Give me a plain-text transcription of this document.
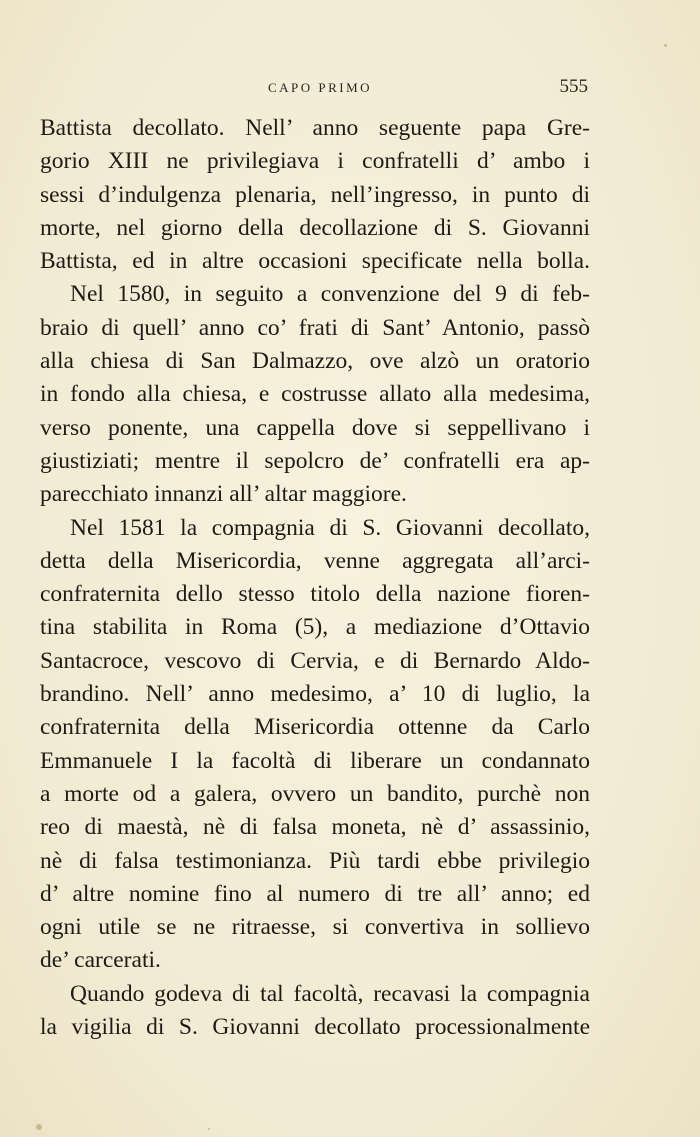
CAPO PRIMO	555
Battista decollato. Nell’ anno seguente papa Gre-
gorio XIII ne privilegiava i confratelli d’ ambo i
sessi d’indulgenza plenaria, nell’ingresso, in punto di
morte, nel giorno della decollazione di S. Giovanni
Battista, ed in altre occasioni specificate nella bolla.
Nel 1580, in seguito a convenzione del 9 di feb-
braio di quell’ anno co’ frati di Sant’ Antonio, passò
alla chiesa di San Dalmazzo, ove alzò un oratorio
in fondo alla chiesa, e costrusse allato alla medesima,
verso ponente, una cappella dove si seppellivano i
giustiziati; mentre il sepolcro de’ confratelli era ap-
parecchiato innanzi all’ altar maggiore.
Nel 1581 la compagnia di S. Giovanni decollato,
detta della Misericordia, venne aggregata all’arci-
confraternita dello stesso titolo della nazione fioren-
tina stabilita in Roma (5), a mediazione d’Ottavio
Santacroce, vescovo di Cervia, e di Bernardo Aldo-
brandino. Nell’ anno medesimo, a’ 10 di luglio, la
confraternita della Misericordia ottenne da Carlo
Emmanuele I la facoltà di liberare un condannato
a morte od a galera, ovvero un bandito, purchè non
reo di maestà, nè di falsa moneta, nè d’ assassinio,
nè di falsa testimonianza. Più tardi ebbe privilegio
d’ altre nomine fino al numero di tre all’ anno; ed
ogni utile se ne ritraesse, si convertiva in sollievo
de’ carcerati.
Quando godeva di tal facoltà, recavasi la compagnia
la vigilia di S. Giovanni decollato processionalmente
